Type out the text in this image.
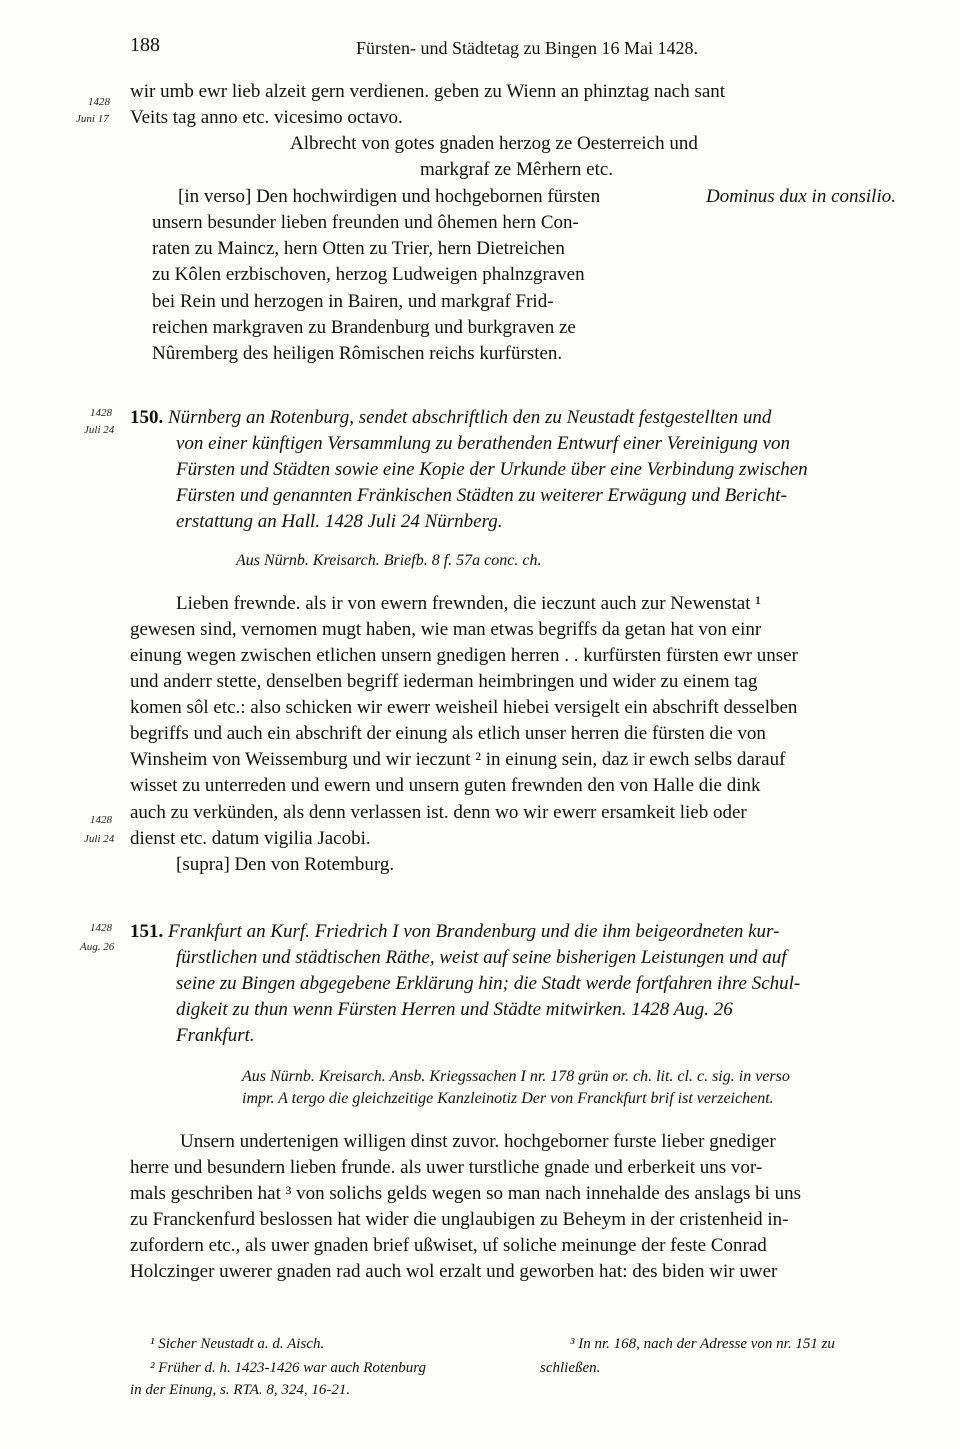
188	Fürsten- und Städtetag zu Bingen 16 Mai 1428.
1428
Juni 17
wir umb ewr lieb alzeit gern verdienen. geben zu Wienn an phinztag nach sant
Veits tag anno etc. vicesimo octavo.
Albrecht von gotes gnaden herzog ze Oesterreich und
markgraf ze Mêrhern etc.
[in verso] Den hochwirdigen und hochgebornen fürsten	Dominus dux in consilio.
unsern besunder lieben freunden und ôhemen hern Con-
raten zu Maincz, hern Otten zu Trier, hern Dietreichen
zu Kôlen erzbischoven, herzog Ludweigen phalnzgraven
bei Rein und herzogen in Bairen, und markgraf Frid-
reichen markgraven zu Brandenburg und burkgraven ze
Nûremberg des heiligen Rômischen reichs kurfürsten.
1428
Juli 24
150. Nürnberg an Rotenburg, sendet abschriftlich den zu Neustadt festgestellten und
von einer künftigen Versammlung zu berathenden Entwurf einer Vereinigung von
Fürsten und Städten sowie eine Kopie der Urkunde über eine Verbindung zwischen
Fürsten und genannten Fränkischen Städten zu weiterer Erwägung und Bericht-
erstattung an Hall. 1428 Juli 24 Nürnberg.
Aus Nürnb. Kreisarch. Briefb. 8 f. 57a conc. ch.
Lieben frewnde. als ir von ewern frewnden, die ieczunt auch zur Newenstat ¹
gewesen sind, vernomen mugt haben, wie man etwas begriffs da getan hat von einr
einung wegen zwischen etlichen unsern gnedigen herren . . kurfürsten fürsten ewr unser
und anderr stette, denselben begriff iederman heimbringen und wider zu einem tag
komen sôl etc.: also schicken wir ewerr weisheil hiebei versigelt ein abschrift desselben
begriffs und auch ein abschrift der einung als etlich unser herren die fürsten die von
Winsheim von Weissemburg und wir ieczunt ² in einung sein, daz ir ewch selbs darauf
wisset zu unterreden und ewern und unsern guten frewnden den von Halle die dink
1428
Juli 24
auch zu verkünden, als denn verlassen ist. denn wo wir ewerr ersamkeit lieb oder
dienst etc. datum vigilia Jacobi.
[supra] Den von Rotemburg.
1428
Aug. 26
151. Frankfurt an Kurf. Friedrich I von Brandenburg und die ihm beigeordneten kur-
fürstlichen und städtischen Räthe, weist auf seine bisherigen Leistungen und auf
seine zu Bingen abgegebene Erklärung hin; die Stadt werde fortfahren ihre Schul-
digkeit zu thun wenn Fürsten Herren und Städte mitwirken. 1428 Aug. 26
Frankfurt.
Aus Nürnb. Kreisarch. Ansb. Kriegssachen I nr. 178 grün or. ch. lit. cl. c. sig. in verso
impr. A tergo die gleichzeitige Kanzleinotiz Der von Franckfurt brif ist verzeichent.
Unsern undertenigen willigen dinst zuvor. hochgeborner furste lieber gnediger
herre und besundern lieben frunde. als uwer turstliche gnade und erberkeit uns vor-
mals geschriben hat ³ von solichs gelds wegen so man nach innehalde des anslags bi uns
zu Franckenfurd beslossen hat wider die unglaubigen zu Beheym in der cristenheid in-
zufordern etc., als uwer gnaden brief ußwiset, uf soliche meinunge der feste Conrad
Holczinger uwerer gnaden rad auch wol erzalt und geworben hat: des biden wir uwer
¹ Sicher Neustadt a. d. Aisch.
² Früher d. h. 1423-1426 war auch Rotenburg
in der Einung, s. RTA. 8, 324, 16-21.
³ In nr. 168, nach der Adresse von nr. 151 zu
schließen.
